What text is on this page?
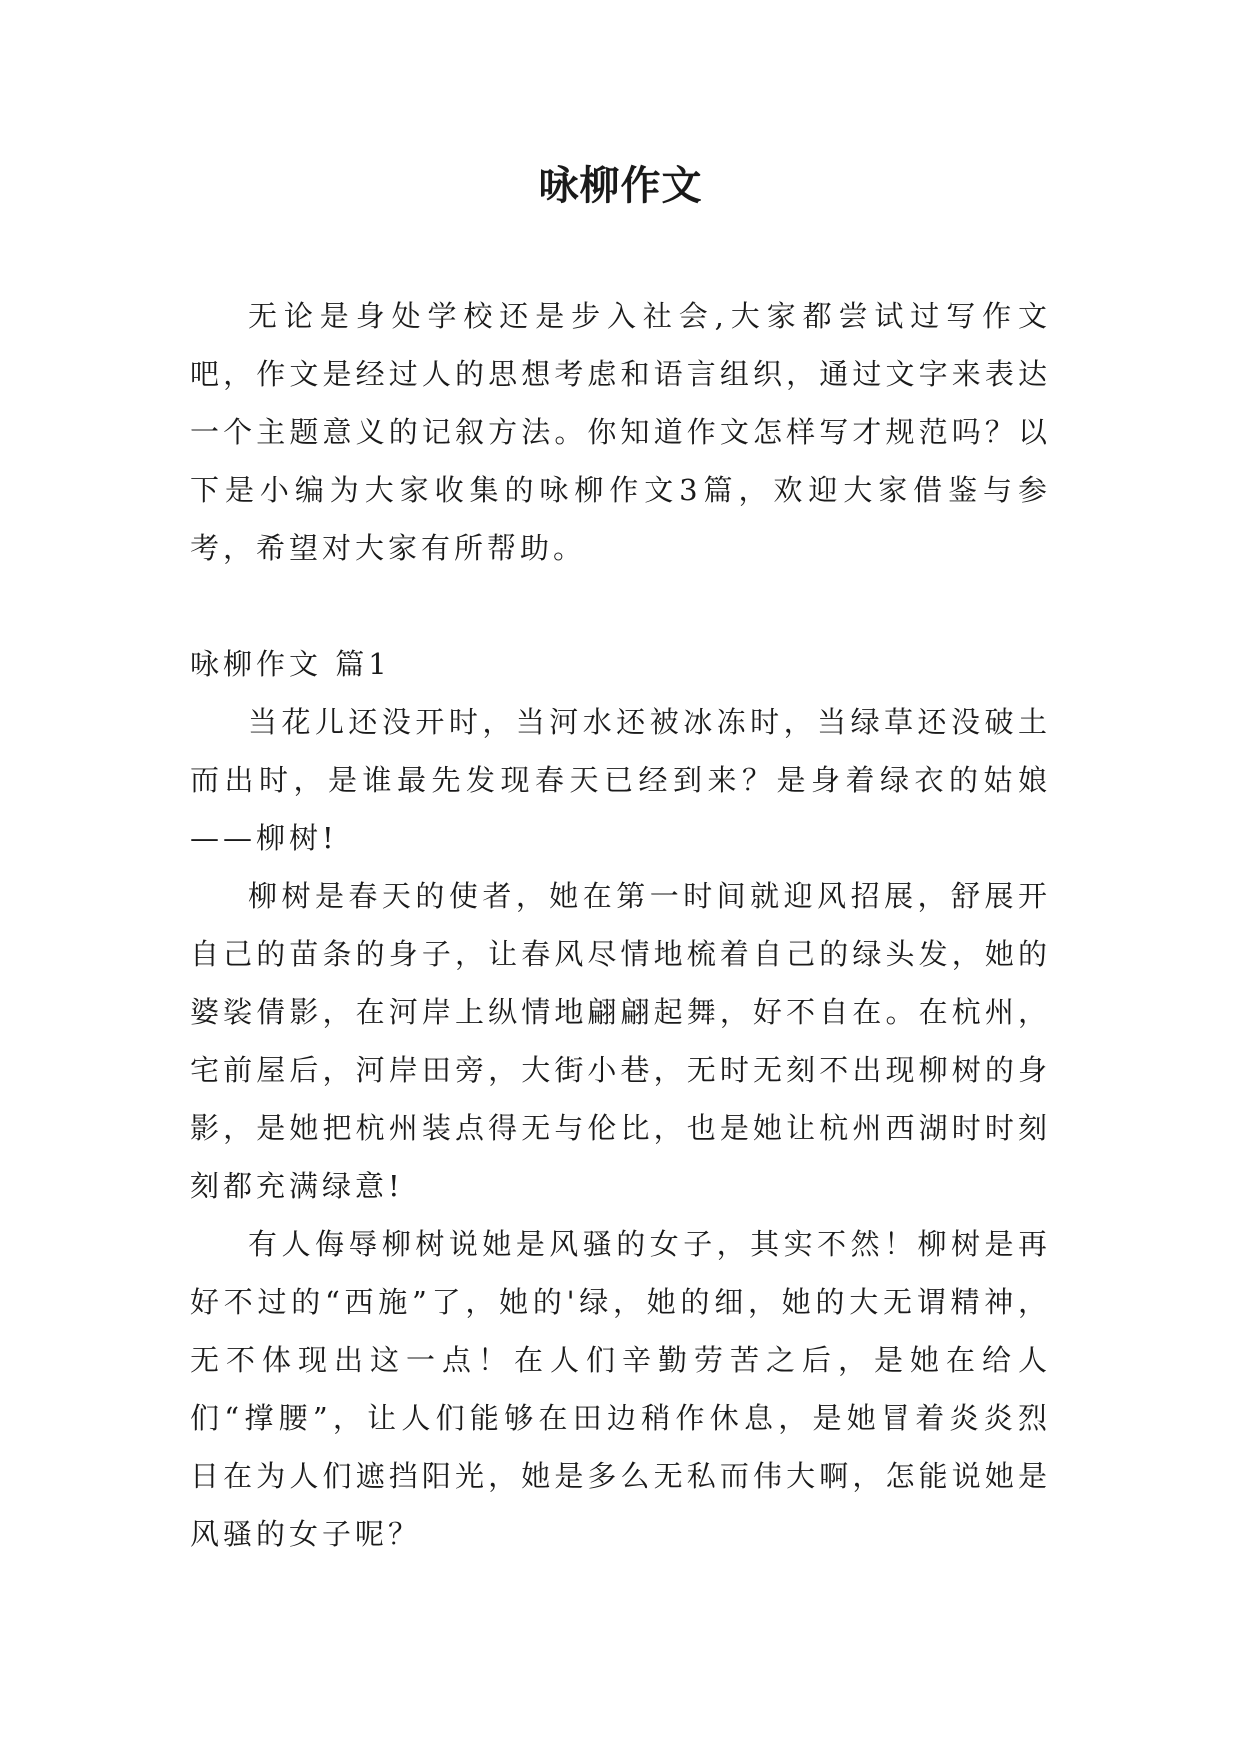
咏柳作文

无论是身处学校还是步入社会,大家都尝试过写作文吧，作文是经过人的思想考虑和语言组织，通过文字来表达一个主题意义的记叙方法。你知道作文怎样写才规范吗？以下是小编为大家收集的咏柳作文3篇，欢迎大家借鉴与参考，希望对大家有所帮助。

咏柳作文 篇1

当花儿还没开时，当河水还被冰冻时，当绿草还没破土而出时，是谁最先发现春天已经到来？是身着绿衣的姑娘——柳树!

柳树是春天的使者，她在第一时间就迎风招展，舒展开自己的苗条的身子，让春风尽情地梳着自己的绿头发，她的婆裟倩影，在河岸上纵情地翩翩起舞，好不自在。在杭州，宅前屋后，河岸田旁，大街小巷，无时无刻不出现柳树的身影，是她把杭州装点得无与伦比，也是她让杭州西湖时时刻刻都充满绿意!

有人侮辱柳树说她是风骚的女子，其实不然！柳树是再好不过的“西施”了，她的'绿，她的细，她的大无谓精神，无不体现出这一点！在人们辛勤劳苦之后，是她在给人们“撑腰”，让人们能够在田边稍作休息，是她冒着炎炎烈日在为人们遮挡阳光，她是多么无私而伟大啊，怎能说她是风骚的女子呢？
